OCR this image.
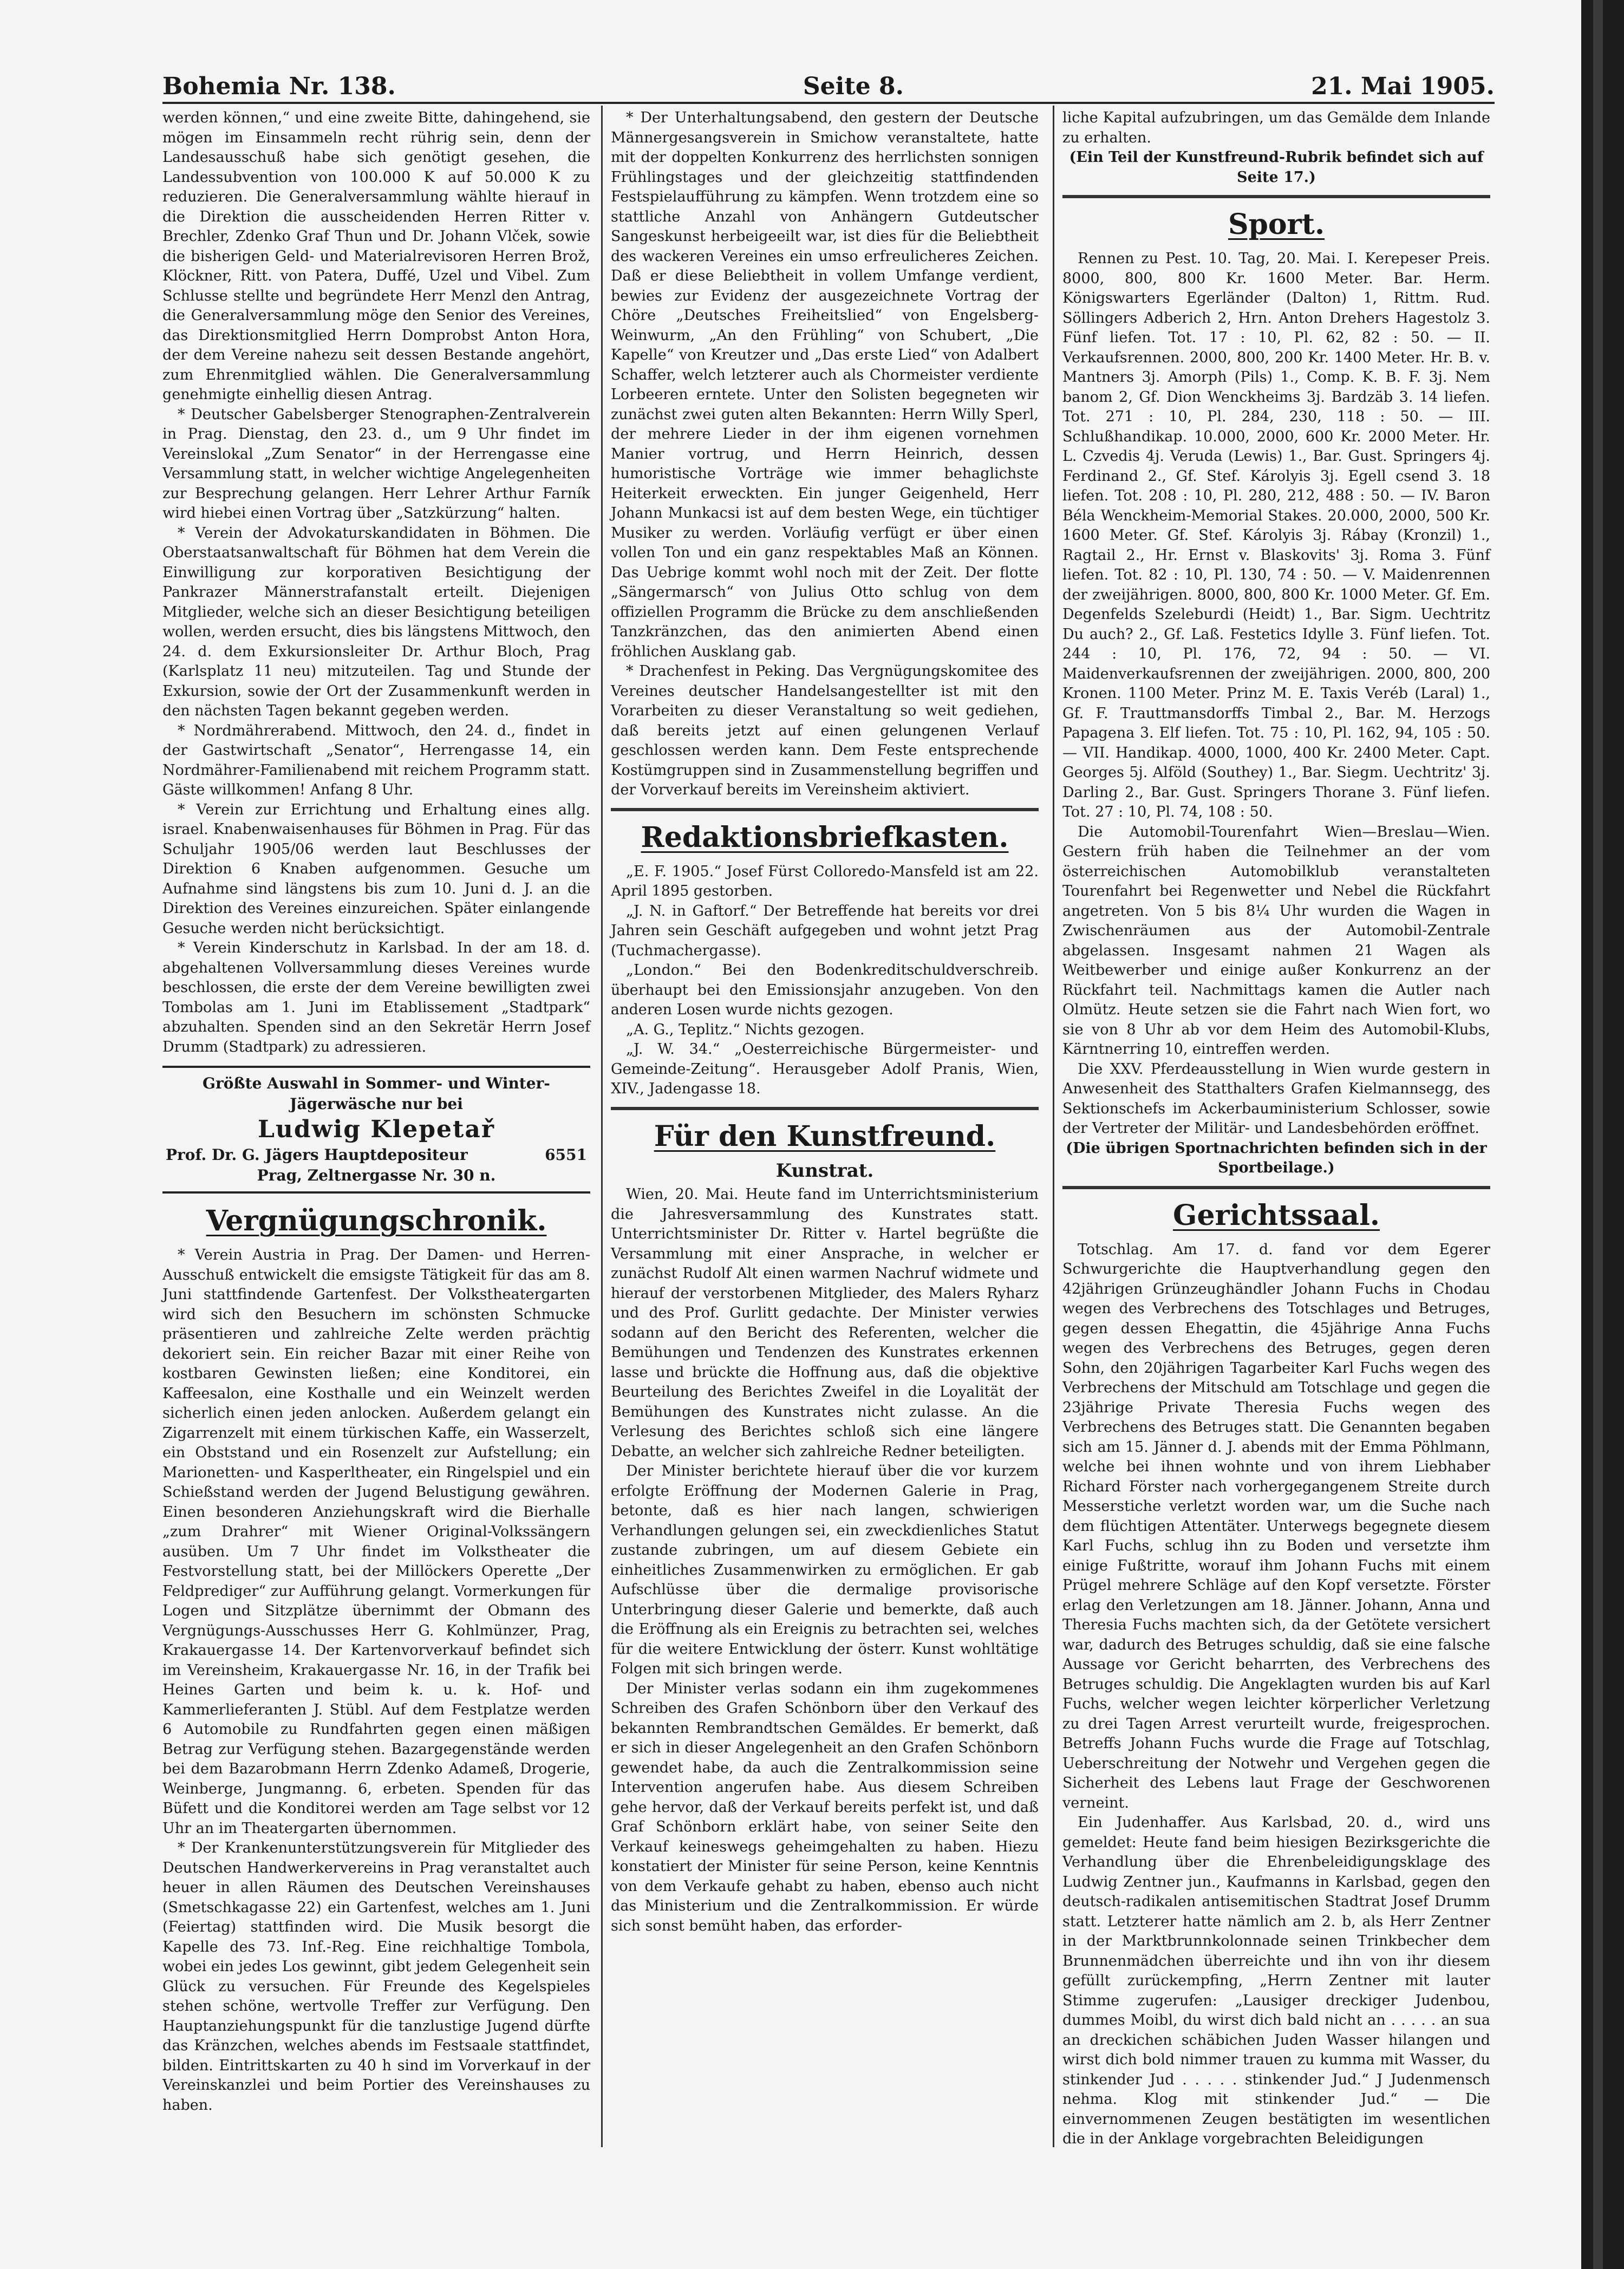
Bohemia Nr. 138.	Seite 8.	21. Mai 1905.

werden können,“ und eine zweite Bitte, dahingehend, sie mögen im Einsammeln recht rührig sein, denn der Landesausschuß habe sich genötigt gesehen, die Landessubvention von 100.000 K auf 50.000 K zu reduzieren. Die Generalversammlung wählte hierauf in die Direktion die ausscheidenden Herren Ritter v. Brechler, Zdenko Graf Thun und Dr. Johann Vlček, sowie die bisherigen Geld- und Materialrevisoren Herren Brož, Klöckner, Ritt. von Patera, Duffé, Uzel und Vibel. Zum Schlusse stellte und begründete Herr Menzl den Antrag, die Generalversammlung möge den Senior des Vereines, das Direktionsmitglied Herrn Domprobst Anton Hora, der dem Vereine nahezu seit dessen Bestande angehört, zum Ehrenmitglied wählen. Die Generalversammlung genehmigte einhellig diesen Antrag.

* Deutscher Gabelsberger Stenographen-Zentralverein in Prag. Dienstag, den 23. d., um 9 Uhr findet im Vereinslokal „Zum Senator“ in der Herrengasse eine Versammlung statt, in welcher wichtige Angelegenheiten zur Besprechung gelangen. Herr Lehrer Arthur Farník wird hiebei einen Vortrag über „Satzkürzung“ halten.

* Verein der Advokaturskandidaten in Böhmen. Die Oberstaatsanwaltschaft für Böhmen hat dem Verein die Einwilligung zur korporativen Besichtigung der Pankrazer Männerstrafanstalt erteilt. Diejenigen Mitglieder, welche sich an dieser Besichtigung beteiligen wollen, werden ersucht, dies bis längstens Mittwoch, den 24. d. dem Exkursionsleiter Dr. Arthur Bloch, Prag (Karlsplatz 11 neu) mitzuteilen. Tag und Stunde der Exkursion, sowie der Ort der Zusammenkunft werden in den nächsten Tagen bekannt gegeben werden.

* Nordmährerabend. Mittwoch, den 24. d., findet in der Gastwirtschaft „Senator“, Herrengasse 14, ein Nordmährer-Familienabend mit reichem Programm statt. Gäste willkommen! Anfang 8 Uhr.

* Verein zur Errichtung und Erhaltung eines allg. israel. Knabenwaisenhauses für Böhmen in Prag. Für das Schuljahr 1905/06 werden laut Beschlusses der Direktion 6 Knaben aufgenommen. Gesuche um Aufnahme sind längstens bis zum 10. Juni d. J. an die Direktion des Vereines einzureichen. Später einlangende Gesuche werden nicht berücksichtigt.

* Verein Kinderschutz in Karlsbad. In der am 18. d. abgehaltenen Vollversammlung dieses Vereines wurde beschlossen, die erste der dem Vereine bewilligten zwei Tombolas am 1. Juni im Etablissement „Stadtpark“ abzuhalten. Spenden sind an den Sekretär Herrn Josef Drumm (Stadtpark) zu adressieren.

Größte Auswahl in Sommer- und Winter-Jägerwäsche nur bei
Ludwig Klepetař
Prof. Dr. G. Jägers Hauptdepositeur	6551
Prag, Zeltnergasse Nr. 30 n.
Vergnügungschronik.

* Verein Austria in Prag. Der Damen- und Herren-Ausschuß entwickelt die emsigste Tätigkeit für das am 8. Juni stattfindende Gartenfest. Der Volkstheatergarten wird sich den Besuchern im schönsten Schmucke präsentieren und zahlreiche Zelte werden prächtig dekoriert sein. Ein reicher Bazar mit einer Reihe von kostbaren Gewinsten ließen; eine Konditorei, ein Kaffeesalon, eine Kosthalle und ein Weinzelt werden sicherlich einen jeden anlocken. Außerdem gelangt ein Zigarrenzelt mit einem türkischen Kaffe, ein Wasserzelt, ein Obststand und ein Rosenzelt zur Aufstellung; ein Marionetten- und Kasperltheater, ein Ringelspiel und ein Schießstand werden der Jugend Belustigung gewähren. Einen besonderen Anziehungskraft wird die Bierhalle „zum Drahrer“ mit Wiener Original-Volkssängern ausüben. Um 7 Uhr findet im Volkstheater die Festvorstellung statt, bei der Millöckers Operette „Der Feldprediger“ zur Aufführung gelangt. Vormerkungen für Logen und Sitzplätze übernimmt der Obmann des Vergnügungs-Ausschusses Herr G. Kohlmünzer, Prag, Krakauergasse 14. Der Kartenvorverkauf befindet sich im Vereinsheim, Krakauergasse Nr. 16, in der Trafik bei Heines Garten und beim k. u. k. Hof- und Kammerlieferanten J. Stübl. Auf dem Festplatze werden 6 Automobile zu Rundfahrten gegen einen mäßigen Betrag zur Verfügung stehen. Bazargegenstände werden bei dem Bazarobmann Herrn Zdenko Adameß, Drogerie, Weinberge, Jungmanng. 6, erbeten. Spenden für das Büfett und die Konditorei werden am Tage selbst vor 12 Uhr an im Theatergarten übernommen.

* Der Krankenunterstützungsverein für Mitglieder des Deutschen Handwerkervereins in Prag veranstaltet auch heuer in allen Räumen des Deutschen Vereinshauses (Smetschkagasse 22) ein Gartenfest, welches am 1. Juni (Feiertag) stattfinden wird. Die Musik besorgt die Kapelle des 73. Inf.-Reg. Eine reichhaltige Tombola, wobei ein jedes Los gewinnt, gibt jedem Gelegenheit sein Glück zu versuchen. Für Freunde des Kegelspieles stehen schöne, wertvolle Treffer zur Verfügung. Den Hauptanziehungspunkt für die tanzlustige Jugend dürfte das Kränzchen, welches abends im Festsaale stattfindet, bilden. Eintrittskarten zu 40 h sind im Vorverkauf in der Vereinskanzlei und beim Portier des Vereinshauses zu haben.

* Der Unterhaltungsabend, den gestern der Deutsche Männergesangsverein in Smichow veranstaltete, hatte mit der doppelten Konkurrenz des herrlichsten sonnigen Frühlingstages und der gleichzeitig stattfindenden Festspielaufführung zu kämpfen. Wenn trotzdem eine so stattliche Anzahl von Anhängern Gutdeutscher Sangeskunst herbeigeeilt war, ist dies für die Beliebtheit des wackeren Vereines ein umso erfreulicheres Zeichen. Daß er diese Beliebtheit in vollem Umfange verdient, bewies zur Evidenz der ausgezeichnete Vortrag der Chöre „Deutsches Freiheitslied“ von Engelsberg-Weinwurm, „An den Frühling“ von Schubert, „Die Kapelle“ von Kreutzer und „Das erste Lied“ von Adalbert Schaffer, welch letzterer auch als Chormeister verdiente Lorbeeren erntete. Unter den Solisten begegneten wir zunächst zwei guten alten Bekannten: Herrn Willy Sperl, der mehrere Lieder in der ihm eigenen vornehmen Manier vortrug, und Herrn Heinrich, dessen humoristische Vorträge wie immer behaglichste Heiterkeit erweckten. Ein junger Geigenheld, Herr Johann Munkacsi ist auf dem besten Wege, ein tüchtiger Musiker zu werden. Vorläufig verfügt er über einen vollen Ton und ein ganz respektables Maß an Können. Das Uebrige kommt wohl noch mit der Zeit. Der flotte „Sängermarsch“ von Julius Otto schlug von dem offiziellen Programm die Brücke zu dem anschließenden Tanzkränzchen, das den animierten Abend einen fröhlichen Ausklang gab.

* Drachenfest in Peking. Das Vergnügungskomitee des Vereines deutscher Handelsangestellter ist mit den Vorarbeiten zu dieser Veranstaltung so weit gediehen, daß bereits jetzt auf einen gelungenen Verlauf geschlossen werden kann. Dem Feste entsprechende Kostümgruppen sind in Zusammenstellung begriffen und der Vorverkauf bereits im Vereinsheim aktiviert.

Redaktionsbriefkasten.

„E. F. 1905.“ Josef Fürst Colloredo-Mansfeld ist am 22. April 1895 gestorben.

„J. N. in Gaftorf.“ Der Betreffende hat bereits vor drei Jahren sein Geschäft aufgegeben und wohnt jetzt Prag (Tuchmachergasse).

„London.“ Bei den Bodenkreditschuldverschreib. überhaupt bei den Emissionsjahr anzugeben. Von den anderen Losen wurde nichts gezogen.

„A. G., Teplitz.“ Nichts gezogen.

„J. W. 34.“ „Oesterreichische Bürgermeister- und Gemeinde-Zeitung“. Herausgeber Adolf Pranis, Wien, XIV., Jadengasse 18.

Für den Kunstfreund.
Kunstrat.

Wien, 20. Mai. Heute fand im Unterrichtsministerium die Jahresversammlung des Kunstrates statt. Unterrichtsminister Dr. Ritter v. Hartel begrüßte die Versammlung mit einer Ansprache, in welcher er zunächst Rudolf Alt einen warmen Nachruf widmete und hierauf der verstorbenen Mitglieder, des Malers Ryharz und des Prof. Gurlitt gedachte. Der Minister verwies sodann auf den Bericht des Referenten, welcher die Bemühungen und Tendenzen des Kunstrates erkennen lasse und brückte die Hoffnung aus, daß die objektive Beurteilung des Berichtes Zweifel in die Loyalität der Bemühungen des Kunstrates nicht zulasse. An die Verlesung des Berichtes schloß sich eine längere Debatte, an welcher sich zahlreiche Redner beteiligten.

Der Minister berichtete hierauf über die vor kurzem erfolgte Eröffnung der Modernen Galerie in Prag, betonte, daß es hier nach langen, schwierigen Verhandlungen gelungen sei, ein zweckdienliches Statut zustande zubringen, um auf diesem Gebiete ein einheitliches Zusammenwirken zu ermöglichen. Er gab Aufschlüsse über die dermalige provisorische Unterbringung dieser Galerie und bemerkte, daß auch die Eröffnung als ein Ereignis zu betrachten sei, welches für die weitere Entwicklung der österr. Kunst wohltätige Folgen mit sich bringen werde.

Der Minister verlas sodann ein ihm zugekommenes Schreiben des Grafen Schönborn über den Verkauf des bekannten Rembrandtschen Gemäldes. Er bemerkt, daß er sich in dieser Angelegenheit an den Grafen Schönborn gewendet habe, da auch die Zentralkommission seine Intervention angerufen habe. Aus diesem Schreiben gehe hervor, daß der Verkauf bereits perfekt ist, und daß Graf Schönborn erklärt habe, von seiner Seite den Verkauf keineswegs geheimgehalten zu haben. Hiezu konstatiert der Minister für seine Person, keine Kenntnis von dem Verkaufe gehabt zu haben, ebenso auch nicht das Ministerium und die Zentralkommission. Er würde sich sonst bemüht haben, das erforder-

liche Kapital aufzubringen, um das Gemälde dem Inlande zu erhalten.

(Ein Teil der Kunstfreund-Rubrik befindet sich auf Seite 17.)

Sport.

Rennen zu Pest. 10. Tag, 20. Mai. I. Kerepeser Preis. 8000, 800, 800 Kr. 1600 Meter. Bar. Herm. Königswarters Egerländer (Dalton) 1, Rittm. Rud. Söllingers Adberich 2, Hrn. Anton Drehers Hagestolz 3. Fünf liefen. Tot. 17 : 10, Pl. 62, 82 : 50. — II. Verkaufsrennen. 2000, 800, 200 Kr. 1400 Meter. Hr. B. v. Mantners 3j. Amorph (Pils) 1., Comp. K. B. F. 3j. Nem banom 2, Gf. Dion Wenckheims 3j. Bardzäb 3. 14 liefen. Tot. 271 : 10, Pl. 284, 230, 118 : 50. — III. Schlußhandikap. 10.000, 2000, 600 Kr. 2000 Meter. Hr. L. Czvedis 4j. Veruda (Lewis) 1., Bar. Gust. Springers 4j. Ferdinand 2., Gf. Stef. Károlyis 3j. Egell csend 3. 18 liefen. Tot. 208 : 10, Pl. 280, 212, 488 : 50. — IV. Baron Béla Wenckheim-Memorial Stakes. 20.000, 2000, 500 Kr. 1600 Meter. Gf. Stef. Károlyis 3j. Rábay (Kronzil) 1., Ragtail 2., Hr. Ernst v. Blaskovits' 3j. Roma 3. Fünf liefen. Tot. 82 : 10, Pl. 130, 74 : 50. — V. Maidenrennen der zweijährigen. 8000, 800, 800 Kr. 1000 Meter. Gf. Em. Degenfelds Szeleburdi (Heidt) 1., Bar. Sigm. Uechtritz Du auch? 2., Gf. Laß. Festetics Idylle 3. Fünf liefen. Tot. 244 : 10, Pl. 176, 72, 94 : 50. — VI. Maidenverkaufsrennen der zweijährigen. 2000, 800, 200 Kronen. 1100 Meter. Prinz M. E. Taxis Veréb (Laral) 1., Gf. F. Trauttmansdorffs Timbal 2., Bar. M. Herzogs Papagena 3. Elf liefen. Tot. 75 : 10, Pl. 162, 94, 105 : 50. — VII. Handikap. 4000, 1000, 400 Kr. 2400 Meter. Capt. Georges 5j. Alföld (Southey) 1., Bar. Siegm. Uechtritz' 3j. Darling 2., Bar. Gust. Springers Thorane 3. Fünf liefen. Tot. 27 : 10, Pl. 74, 108 : 50.

Die Automobil-Tourenfahrt Wien—Breslau—Wien. Gestern früh haben die Teilnehmer an der vom österreichischen Automobilklub veranstalteten Tourenfahrt bei Regenwetter und Nebel die Rückfahrt angetreten. Von 5 bis 8¼ Uhr wurden die Wagen in Zwischenräumen aus der Automobil-Zentrale abgelassen. Insgesamt nahmen 21 Wagen als Weitbewerber und einige außer Konkurrenz an der Rückfahrt teil. Nachmittags kamen die Autler nach Olmütz. Heute setzen sie die Fahrt nach Wien fort, wo sie von 8 Uhr ab vor dem Heim des Automobil-Klubs, Kärntnerring 10, eintreffen werden.

Die XXV. Pferdeausstellung in Wien wurde gestern in Anwesenheit des Statthalters Grafen Kielmannsegg, des Sektionschefs im Ackerbauministerium Schlosser, sowie der Vertreter der Militär- und Landesbehörden eröffnet.

(Die übrigen Sportnachrichten befinden sich in der Sportbeilage.)

Gerichtssaal.

Totschlag. Am 17. d. fand vor dem Egerer Schwurgerichte die Hauptverhandlung gegen den 42jährigen Grünzeughändler Johann Fuchs in Chodau wegen des Verbrechens des Totschlages und Betruges, gegen dessen Ehegattin, die 45jährige Anna Fuchs wegen des Verbrechens des Betruges, gegen deren Sohn, den 20jährigen Tagarbeiter Karl Fuchs wegen des Verbrechens der Mitschuld am Totschlage und gegen die 23jährige Private Theresia Fuchs wegen des Verbrechens des Betruges statt. Die Genannten begaben sich am 15. Jänner d. J. abends mit der Emma Pöhlmann, welche bei ihnen wohnte und von ihrem Liebhaber Richard Förster nach vorhergegangenem Streite durch Messerstiche verletzt worden war, um die Suche nach dem flüchtigen Attentäter. Unterwegs begegnete diesem Karl Fuchs, schlug ihn zu Boden und versetzte ihm einige Fußtritte, worauf ihm Johann Fuchs mit einem Prügel mehrere Schläge auf den Kopf versetzte. Förster erlag den Verletzungen am 18. Jänner. Johann, Anna und Theresia Fuchs machten sich, da der Getötete versichert war, dadurch des Betruges schuldig, daß sie eine falsche Aussage vor Gericht beharrten, des Verbrechens des Betruges schuldig. Die Angeklagten wurden bis auf Karl Fuchs, welcher wegen leichter körperlicher Verletzung zu drei Tagen Arrest verurteilt wurde, freigesprochen. Betreffs Johann Fuchs wurde die Frage auf Totschlag, Ueberschreitung der Notwehr und Vergehen gegen die Sicherheit des Lebens laut Frage der Geschworenen verneint.

Ein Judenhaffer. Aus Karlsbad, 20. d., wird uns gemeldet: Heute fand beim hiesigen Bezirksgerichte die Verhandlung über die Ehrenbeleidigungsklage des Ludwig Zentner jun., Kaufmanns in Karlsbad, gegen den deutsch-radikalen antisemitischen Stadtrat Josef Drumm statt. Letzterer hatte nämlich am 2. b, als Herr Zentner in der Marktbrunnkolonnade seinen Trinkbecher dem Brunnenmädchen überreichte und ihn von ihr diesem gefüllt zurückempfing, „Herrn Zentner mit lauter Stimme zugerufen: „Lausiger dreckiger Judenbou, dummes Moibl, du wirst dich bald nicht an . . . . . an sua an dreckichen schäbichen Juden Wasser hilangen und wirst dich bold nimmer trauen zu kumma mit Wasser, du stinkender Jud . . . . . stinkender Jud.“ J Judenmensch nehma. Klog mit stinkender Jud.“ — Die einvernommenen Zeugen bestätigten im wesentlichen die in der Anklage vorgebrachten Beleidigungen
